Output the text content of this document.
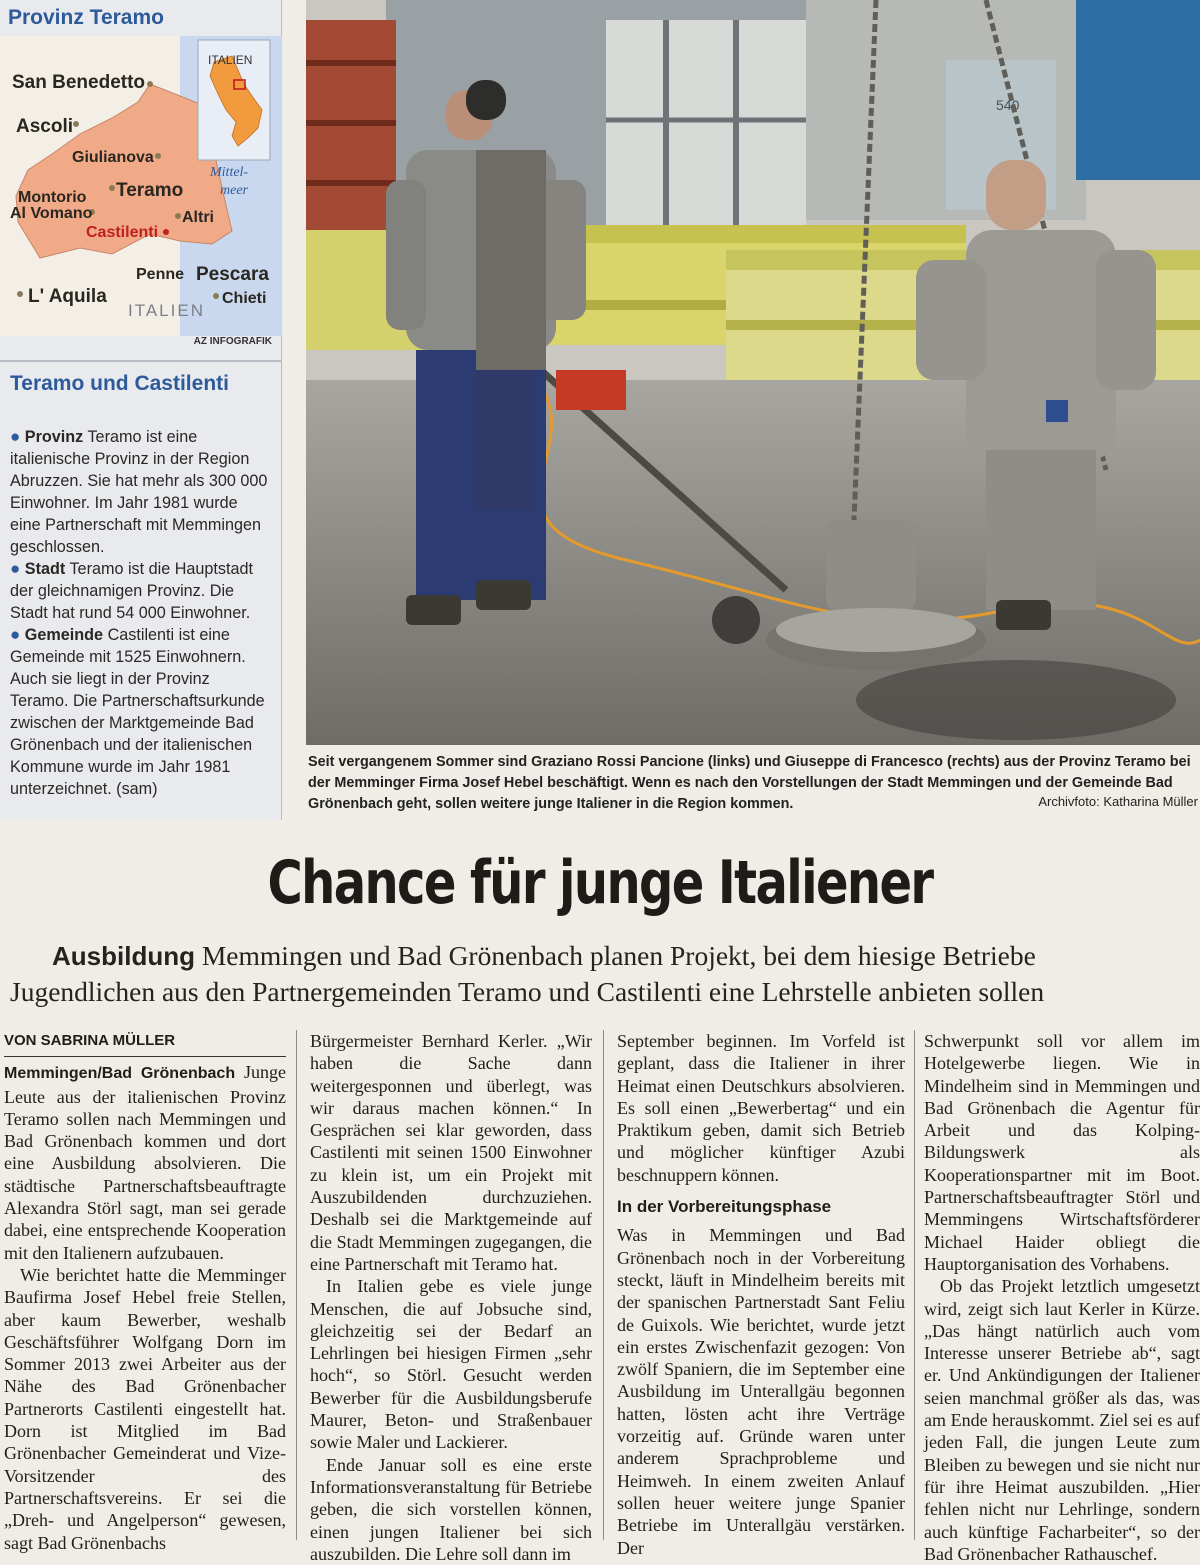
Provinz Teramo
ITALIEN
Mittel-
meer
San Benedetto
Ascoli
Giulianova
Montorio
Al Vomano
Teramo
Altri
Castilenti
Penne Pescara
L' Aquila	Chieti
ITALIEN
AZ INFOGRAFIK
Teramo und Castilenti

● Provinz Teramo ist eine italienische Provinz in der Region Abruzzen. Sie hat mehr als 300 000 Einwohner. Im Jahr 1981 wurde eine Partnerschaft mit Memmingen geschlossen.

● Stadt Teramo ist die Hauptstadt der gleichnamigen Provinz. Die Stadt hat rund 54 000 Einwohner.

● Gemeinde Castilenti ist eine Gemeinde mit 1525 Einwohnern. Auch sie liegt in der Provinz Teramo. Die Partnerschaftsurkunde zwischen der Marktgemeinde Bad Grönenbach und der italienischen Kommune wurde im Jahr 1981 unterzeichnet. (sam)

540
Seit vergangenem Sommer sind Graziano Rossi Pancione (links) und Giuseppe di Francesco (rechts) aus der Provinz Teramo bei der Memminger Firma Josef Hebel beschäftigt. Wenn es nach den Vorstellungen der Stadt Memmingen und der Gemeinde Bad Grönenbach geht, sollen weitere junge Italiener in die Region kommen.	Archivfoto: Katharina Müller
Chance für junge Italiener
Ausbildung Memmingen und Bad Grönenbach planen Projekt, bei dem hiesige Betriebe
Jugendlichen aus den Partnergemeinden Teramo und Castilenti eine Lehrstelle anbieten sollen
VON SABRINA MÜLLER

Memmingen/Bad Grönenbach Junge Leute aus der italienischen Provinz Teramo sollen nach Memmingen und Bad Grönenbach kommen und dort eine Ausbildung absolvieren. Die städtische Partnerschaftsbeauftragte Alexandra Störl sagt, man sei gerade dabei, eine entsprechende Kooperation mit den Italienern aufzubauen.

Wie berichtet hatte die Memminger Baufirma Josef Hebel freie Stellen, aber kaum Bewerber, weshalb Geschäftsführer Wolfgang Dorn im Sommer 2013 zwei Arbeiter aus der Nähe des Bad Grönenbacher Partnerorts Castilenti eingestellt hat. Dorn ist Mitglied im Bad Grönenbacher Gemeinderat und Vize-Vorsitzender des Partnerschaftsvereins. Er sei die „Dreh- und Angelperson“ gewesen, sagt Bad Grönenbachs

Bürgermeister Bernhard Kerler. „Wir haben die Sache dann weitergesponnen und überlegt, was wir daraus machen können.“ In Gesprächen sei klar geworden, dass Castilenti mit seinen 1500 Einwohner zu klein ist, um ein Projekt mit Auszubildenden durchzuziehen. Deshalb sei die Marktgemeinde auf die Stadt Memmingen zugegangen, die eine Partnerschaft mit Teramo hat.

In Italien gebe es viele junge Menschen, die auf Jobsuche sind, gleichzeitig sei der Bedarf an Lehrlingen bei hiesigen Firmen „sehr hoch“, so Störl. Gesucht werden Bewerber für die Ausbildungsberufe Maurer, Beton- und Straßenbauer sowie Maler und Lackierer.

Ende Januar soll es eine erste Informationsveranstaltung für Betriebe geben, die sich vorstellen können, einen jungen Italiener bei sich auszubilden. Die Lehre soll dann im

September beginnen. Im Vorfeld ist geplant, dass die Italiener in ihrer Heimat einen Deutschkurs absolvieren. Es soll einen „Bewerbertag“ und ein Praktikum geben, damit sich Betrieb und möglicher künftiger Azubi beschnuppern können.

In der Vorbereitungsphase

Was in Memmingen und Bad Grönenbach noch in der Vorbereitung steckt, läuft in Mindelheim bereits mit der spanischen Partnerstadt Sant Feliu de Guixols. Wie berichtet, wurde jetzt ein erstes Zwischenfazit gezogen: Von zwölf Spaniern, die im September eine Ausbildung im Unterallgäu begonnen hatten, lösten acht ihre Verträge vorzeitig auf. Gründe waren unter anderem Sprachprobleme und Heimweh. In einem zweiten Anlauf sollen heuer weitere junge Spanier Betriebe im Unterallgäu verstärken. Der

Schwerpunkt soll vor allem im Hotelgewerbe liegen. Wie in Mindelheim sind in Memmingen und Bad Grönenbach die Agentur für Arbeit und das Kolping-Bildungswerk als Kooperationspartner mit im Boot. Partnerschaftsbeauftragter Störl und Memmingens Wirtschaftsförderer Michael Haider obliegt die Hauptorganisation des Vorhabens.

Ob das Projekt letztlich umgesetzt wird, zeigt sich laut Kerler in Kürze. „Das hängt natürlich auch vom Interesse unserer Betriebe ab“, sagt er. Und Ankündigungen der Italiener seien manchmal größer als das, was am Ende herauskommt. Ziel sei es auf jeden Fall, die jungen Leute zum Bleiben zu bewegen und sie nicht nur für ihre Heimat auszubilden. „Hier fehlen nicht nur Lehrlinge, sondern auch künftige Facharbeiter“, so der Bad Grönenbacher Rathauschef.
